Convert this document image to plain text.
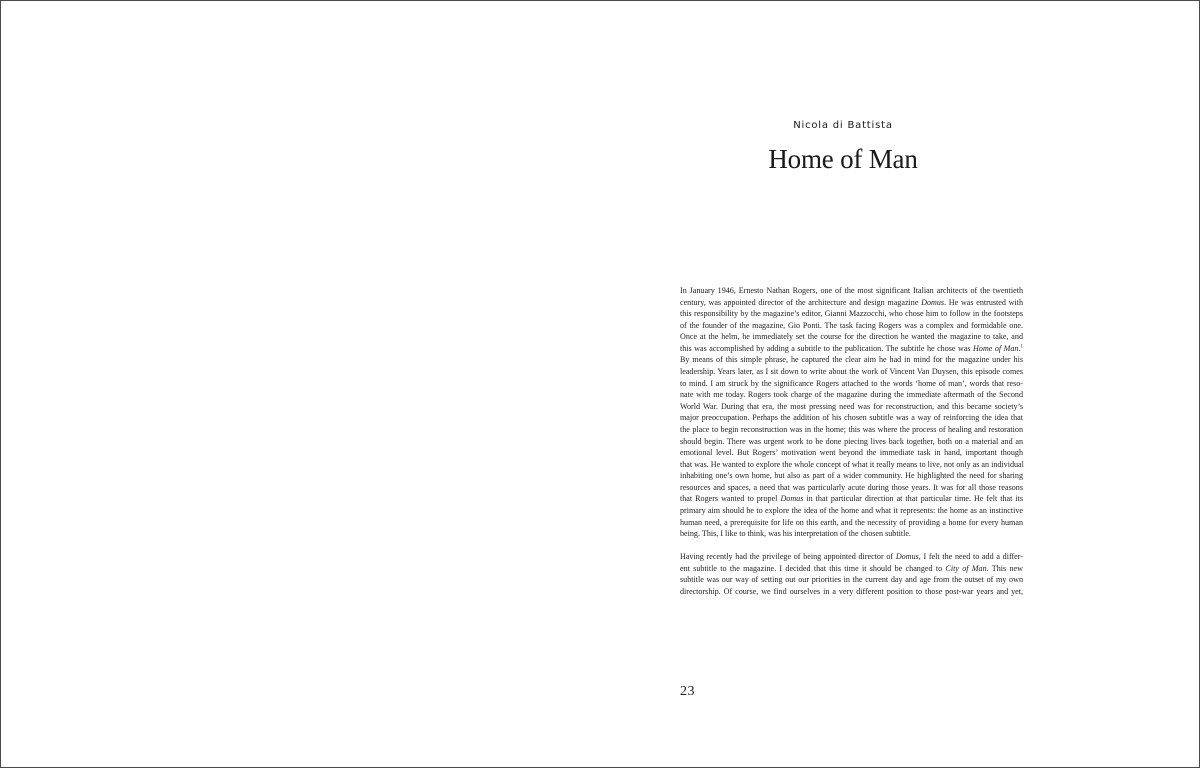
Nicola di Battista
Home of Man
In January 1946, Ernesto Nathan Rogers, one of the most significant Italian architects of the twentieth
century, was appointed director of the architecture and design magazine Domus. He was entrusted with
this responsibility by the magazine’s editor, Gianni Mazzocchi, who chose him to follow in the footsteps
of the founder of the magazine, Gio Ponti. The task facing Rogers was a complex and formidable one.
Once at the helm, he immediately set the course for the direction he wanted the magazine to take, and
this was accomplished by adding a subtitle to the publication. The subtitle he chose was Home of Man.$^1$
By means of this simple phrase, he captured the clear aim he had in mind for the magazine under his
leadership. Years later, as I sit down to write about the work of Vincent Van Duysen, this episode comes
to mind. I am struck by the significance Rogers attached to the words ‘home of man’, words that reso-
nate with me today. Rogers took charge of the magazine during the immediate aftermath of the Second
World War. During that era, the most pressing need was for reconstruction, and this became society’s
major preoccupation. Perhaps the addition of his chosen subtitle was a way of reinforcing the idea that
the place to begin reconstruction was in the home; this was where the process of healing and restoration
should begin. There was urgent work to be done piecing lives back together, both on a material and an
emotional level. But Rogers’ motivation went beyond the immediate task in hand, important though
that was. He wanted to explore the whole concept of what it really means to live, not only as an individual
inhabiting one’s own home, but also as part of a wider community. He highlighted the need for sharing
resources and spaces, a need that was particularly acute during those years. It was for all those reasons
that Rogers wanted to propel Domus in that particular direction at that particular time. He felt that its
primary aim should be to explore the idea of the home and what it represents: the home as an instinctive
human need, a prerequisite for life on this earth, and the necessity of providing a home for every human
being. This, I like to think, was his interpretation of the chosen subtitle.
Having recently had the privilege of being appointed director of Domus, I felt the need to add a differ-
ent subtitle to the magazine. I decided that this time it should be changed to City of Man. This new
subtitle was our way of setting out our priorities in the current day and age from the outset of my own
directorship. Of course, we find ourselves in a very different position to those post-war years and yet,
23
